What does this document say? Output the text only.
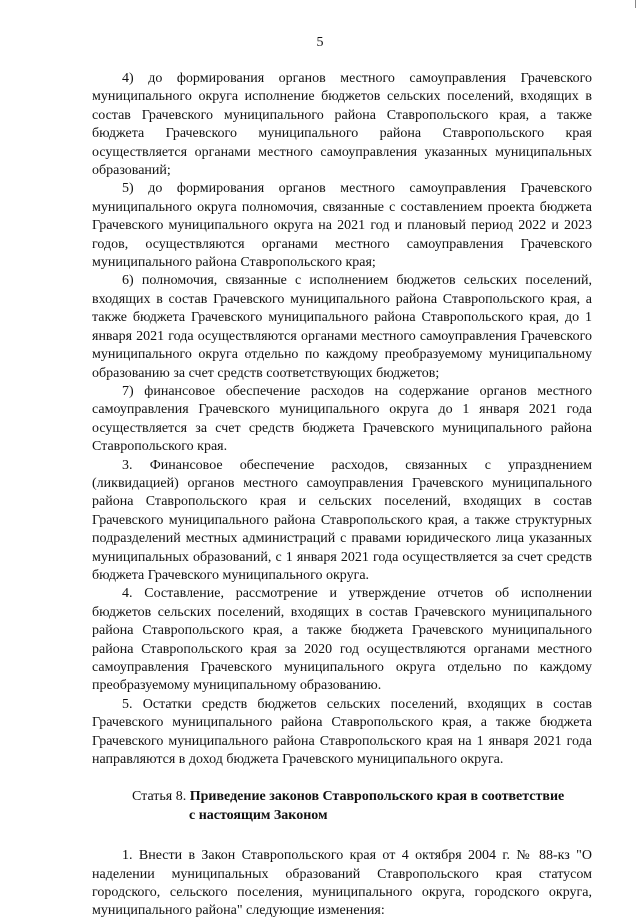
5

4) до формирования органов местного самоуправления Грачевского муниципального округа исполнение бюджетов сельских поселений, входящих в состав Грачевского муниципального района Ставропольского края, а также бюджета Грачевского муниципального района Ставропольского края осуществляется органами местного самоуправления указанных муниципальных образований;

5) до формирования органов местного самоуправления Грачевского муниципального округа полномочия, связанные с составлением проекта бюджета Грачевского муниципального округа на 2021 год и плановый период 2022 и 2023 годов, осуществляются органами местного самоуправления Грачевского муниципального района Ставропольского края;

6) полномочия, связанные с исполнением бюджетов сельских поселений, входящих в состав Грачевского муниципального района Ставропольского края, а также бюджета Грачевского муниципального района Ставропольского края, до 1 января 2021 года осуществляются органами местного самоуправления Грачевского муниципального округа отдельно по каждому преобразуемому муниципальному образованию за счет средств соответствующих бюджетов;

7) финансовое обеспечение расходов на содержание органов местного самоуправления Грачевского муниципального округа до 1 января 2021 года осуществляется за счет средств бюджета Грачевского муниципального района Ставропольского края.

3. Финансовое обеспечение расходов, связанных с упразднением (ликвидацией) органов местного самоуправления Грачевского муниципального района Ставропольского края и сельских поселений, входящих в состав Грачевского муниципального района Ставропольского края, а также структурных подразделений местных администраций с правами юридического лица указанных муниципальных образований, с 1 января 2021 года осуществляется за счет средств бюджета Грачевского муниципального округа.

4. Составление, рассмотрение и утверждение отчетов об исполнении бюджетов сельских поселений, входящих в состав Грачевского муниципального района Ставропольского края, а также бюджета Грачевского муниципального района Ставропольского края за 2020 год осуществляются органами местного самоуправления Грачевского муниципального округа отдельно по каждому преобразуемому муниципальному образованию.

5. Остатки средств бюджетов сельских поселений, входящих в состав Грачевского муниципального района Ставропольского края, а также бюджета Грачевского муниципального района Ставропольского края на 1 января 2021 года направляются в доход бюджета Грачевского муниципального округа.

Статья 8. Приведение законов Ставропольского края в соответствие
с настоящим Законом

1. Внести в Закон Ставропольского края от 4 октября 2004 г. № 88-кз "О наделении муниципальных образований Ставропольского края статусом городского, сельского поселения, муниципального округа, городского округа, муниципального района" следующие изменения:
